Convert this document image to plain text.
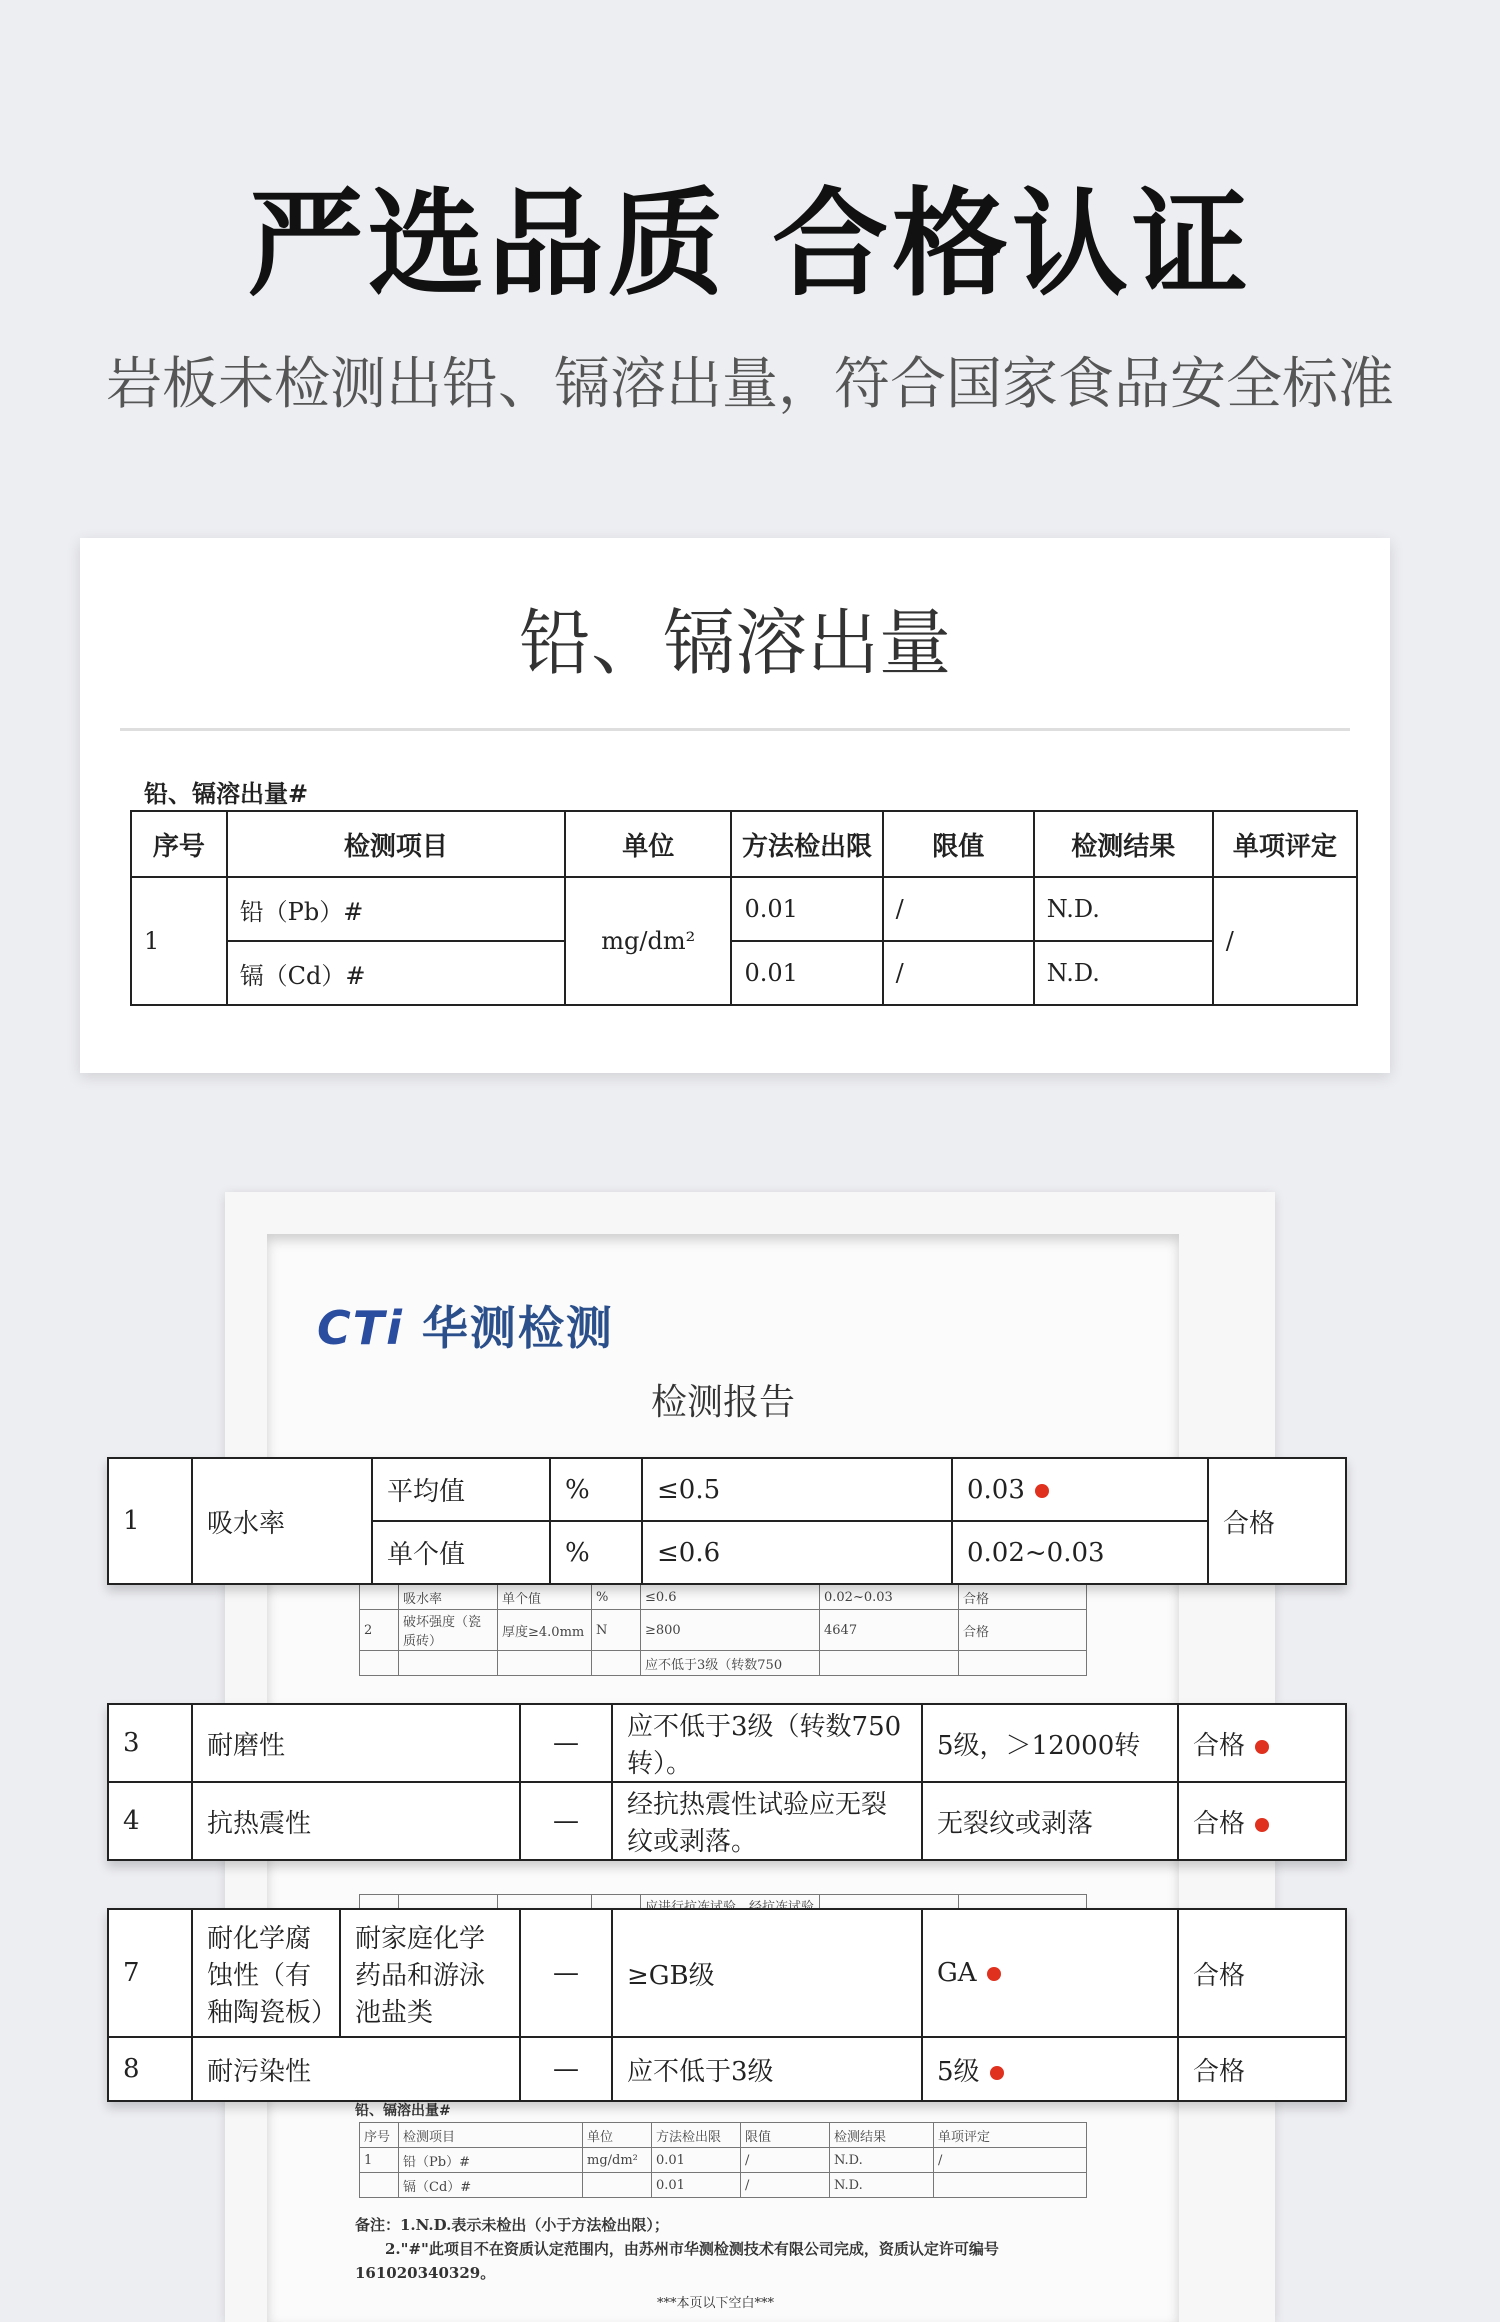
严选品质 合格认证
岩板未检测出铅、镉溶出量，符合国家食品安全标准
铅、镉溶出量
铅、镉溶出量#
序号	检测项目	单位	方法检出限	限值	检测结果	单项评定
1	铅（Pb）#	mg/dm²	0.01	/	N.D.	/
	镉（Cd）#		0.01	/	N.D.	
CTi 华测检测
检测报告
	吸水率	单个值	%	≤0.6	0.02~0.03	合格
2	破坏强度（瓷质砖）	厚度≥4.0mm	N	≥800	4647	合格
				应不低于3级（转数750		

铅、镉溶出量#
序号	检测项目	单位	方法检出限	限值	检测结果	单项评定
1	铅（Pb）#	mg/dm²	0.01	/	N.D.	/
	镉（Cd）#		0.01	/	N.D.	
备注：1.N.D.表示未检出（小于方法检出限）；
2."#"此项目不在资质认定范围内，由苏州市华测检测技术有限公司完成，资质认定许可编号
161020340329。
***本页以下空白***
1	吸水率	平均值	%	≤0.5	0.03	合格
		单个值	%	≤0.6	0.02~0.03	
3	耐磨性	—	应不低于3级（转数750转）。	5级，＞12000转	合格
4	抗热震性	—	经抗热震性试验应无裂纹或剥落。	无裂纹或剥落	合格
7	耐化学腐蚀性（有釉陶瓷板）	耐家庭化学药品和游泳池盐类	—	≥GB级	GA	合格
8	耐污染性		—	应不低于3级	5级	合格
